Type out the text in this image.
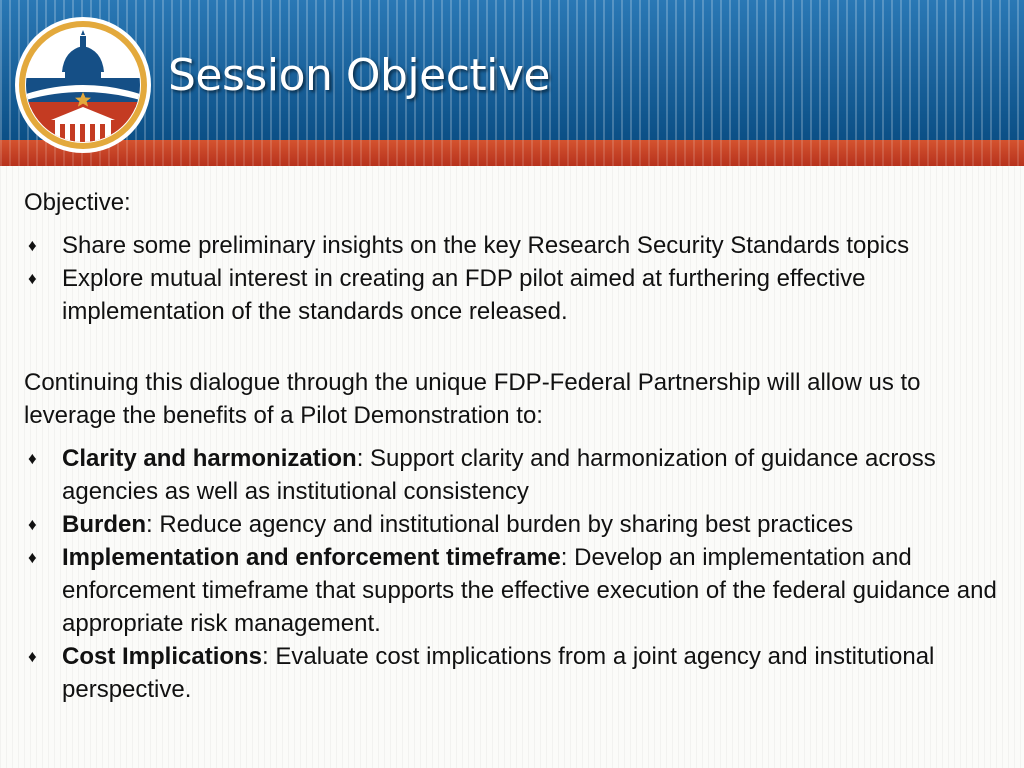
Session Objective

Objective:

♦ Share some preliminary insights on the key Research Security Standards topics
♦ Explore mutual interest in creating an FDP pilot aimed at furthering effective implementation of the standards once released.

Continuing this dialogue through the unique FDP-Federal Partnership will allow us to leverage the benefits of a Pilot Demonstration to:

♦ Clarity and harmonization: Support clarity and harmonization of guidance across agencies as well as institutional consistency
♦ Burden: Reduce agency and institutional burden by sharing best practices
♦ Implementation and enforcement timeframe: Develop an implementation and enforcement timeframe that supports the effective execution of the federal guidance and appropriate risk management.
♦ Cost Implications: Evaluate cost implications from a joint agency and institutional perspective.
